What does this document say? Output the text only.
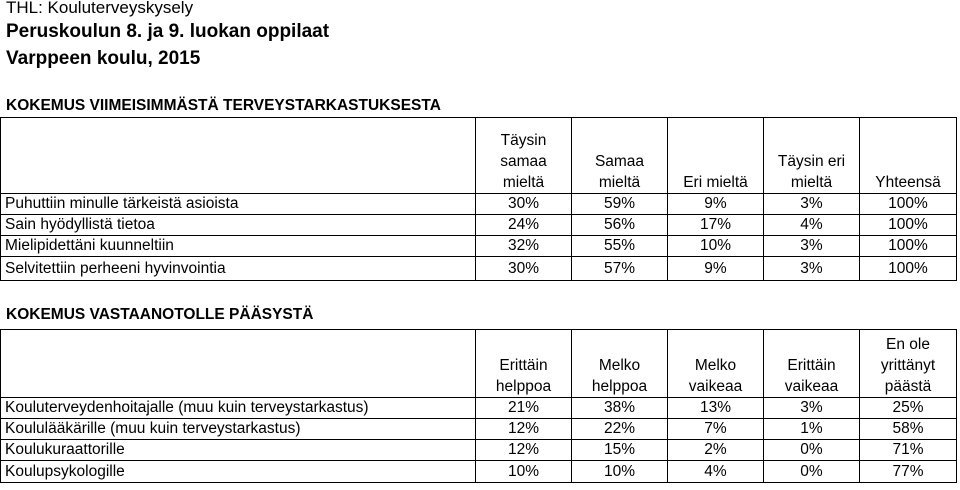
THL: Kouluterveyskysely
Peruskoulun 8. ja 9. luokan oppilaat
Varppeen koulu, 2015
KOKEMUS VIIMEISIMMÄSTÄ TERVEYSTARKASTUKSESTA

	Täysin
samaa
mieltä	Samaa
mieltä	Eri mieltä	Täysin eri
mieltä	Yhteensä

Puhuttiin minulle tärkeistä asioista	30%	59%	9%	3%	100%
Sain hyödyllistä tietoa	24%	56%	17%	4%	100%
Mielipidettäni kuunneltiin	32%	55%	10%	3%	100%
Selvitettiin perheeni hyvinvointia	30%	57%	9%	3%	100%
KOKEMUS VASTAANOTOLLE PÄÄSYSTÄ

	Erittäin
helppoa	Melko
helppoa	Melko
vaikeaa	Erittäin
vaikeaa	En ole
yrittänyt
päästä

Kouluterveydenhoitajalle (muu kuin terveystarkastus)	21%	38%	13%	3%	25%
Koululääkärille (muu kuin terveystarkastus)	12%	22%	7%	1%	58%
Koulukuraattorille	12%	15%	2%	0%	71%
Koulupsykologille	10%	10%	4%	0%	77%
